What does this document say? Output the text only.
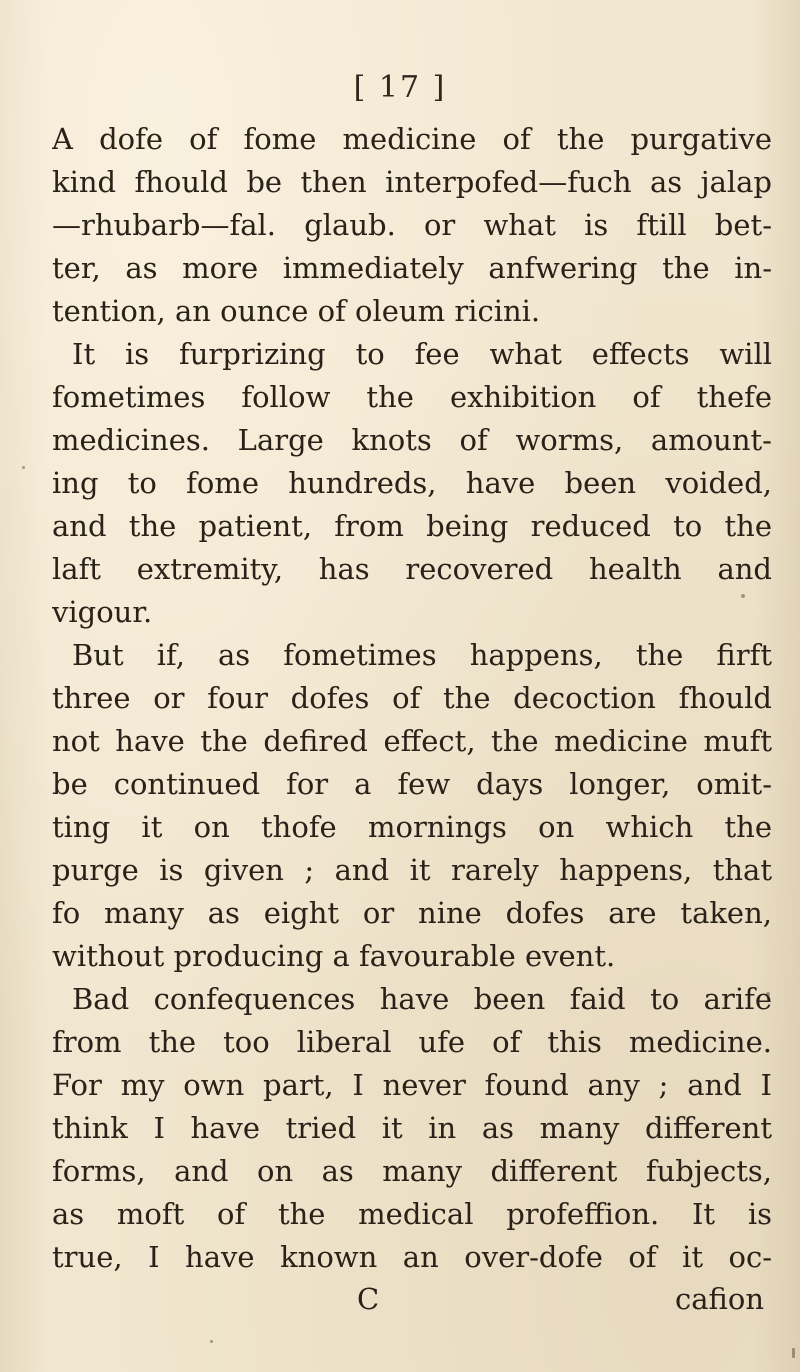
[ 17 ]
A dofe of fome medicine of the purgative
kind fhould be then interpofed—fuch as jalap
—rhubarb—fal. glaub. or what is ftill bet-
ter, as more immediately anfwering the in-
tention, an ounce of oleum ricini.
It is furprizing to fee what effects will
fometimes follow the exhibition of thefe
medicines. Large knots of worms, amount-
ing to fome hundreds, have been voided,
and the patient, from being reduced to the
laft extremity, has recovered health and
vigour.
But if, as fometimes happens, the firft
three or four dofes of the decoction fhould
not have the defired effect, the medicine muft
be continued for a few days longer, omit-
ting it on thofe mornings on which the
purge is given ; and it rarely happens, that
fo many as eight or nine dofes are taken,
without producing a favourable event.
Bad confequences have been faid to arife
from the too liberal ufe of this medicine.
For my own part, I never found any ; and I
think I have tried it in as many different
forms, and on as many different fubjects,
as moft of the medical profeffion. It is
true, I have known an over-dofe of it oc-
C	cafion
